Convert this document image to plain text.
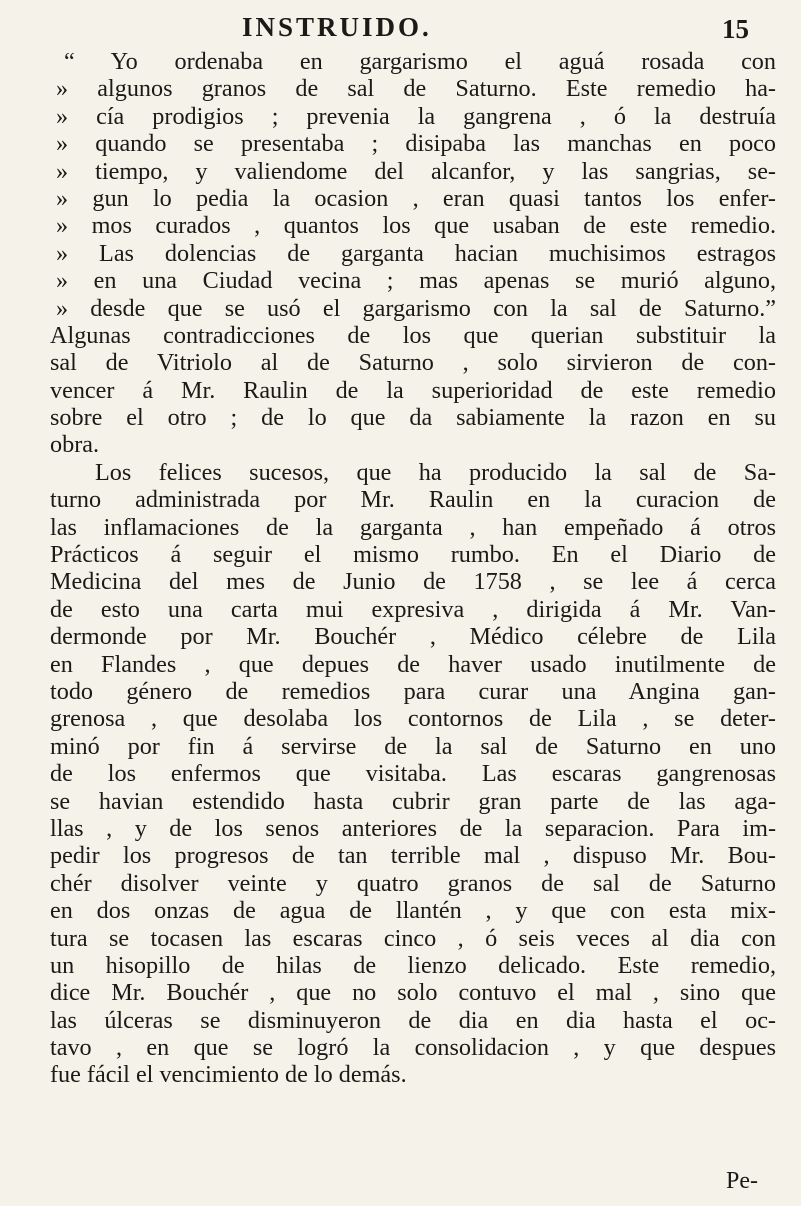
INSTRUIDO.	15
“ Yo ordenaba en gargarismo el aguá rosada con
» algunos granos de sal de Saturno. Este remedio ha-
» cía prodigios ; prevenia la gangrena , ó la destruía
» quando se presentaba ; disipaba las manchas en poco
» tiempo, y valiendome del alcanfor, y las sangrias, se-
» gun lo pedia la ocasion , eran quasi tantos los enfer-
» mos curados , quantos los que usaban de este remedio.
» Las dolencias de garganta hacian muchisimos estragos
» en una Ciudad vecina ; mas apenas se murió alguno,
» desde que se usó el gargarismo con la sal de Saturno.”
Algunas contradicciones de los que querian substituir la
sal de Vitriolo al de Saturno , solo sirvieron de con-
vencer á Mr. Raulin de la superioridad de este remedio
sobre el otro ; de lo que da sabiamente la razon en su
obra.
Los felices sucesos, que ha producido la sal de Sa-
turno administrada por Mr. Raulin en la curacion de
las inflamaciones de la garganta , han empeñado á otros
Prácticos á seguir el mismo rumbo. En el Diario de
Medicina del mes de Junio de 1758 , se lee á cerca
de esto una carta mui expresiva , dirigida á Mr. Van-
dermonde por Mr. Bouchér , Médico célebre de Lila
en Flandes , que depues de haver usado inutilmente de
todo género de remedios para curar una Angina gan-
grenosa , que desolaba los contornos de Lila , se deter-
minó por fin á servirse de la sal de Saturno en uno
de los enfermos que visitaba. Las escaras gangrenosas
se havian estendido hasta cubrir gran parte de las aga-
llas , y de los senos anteriores de la separacion. Para im-
pedir los progresos de tan terrible mal , dispuso Mr. Bou-
chér disolver veinte y quatro granos de sal de Saturno
en dos onzas de agua de llantén , y que con esta mix-
tura se tocasen las escaras cinco , ó seis veces al dia con
un hisopillo de hilas de lienzo delicado. Este remedio,
dice Mr. Bouchér , que no solo contuvo el mal , sino que
las úlceras se disminuyeron de dia en dia hasta el oc-
tavo , en que se logró la consolidacion , y que despues
fue fácil el vencimiento de lo demás.
Pe-
